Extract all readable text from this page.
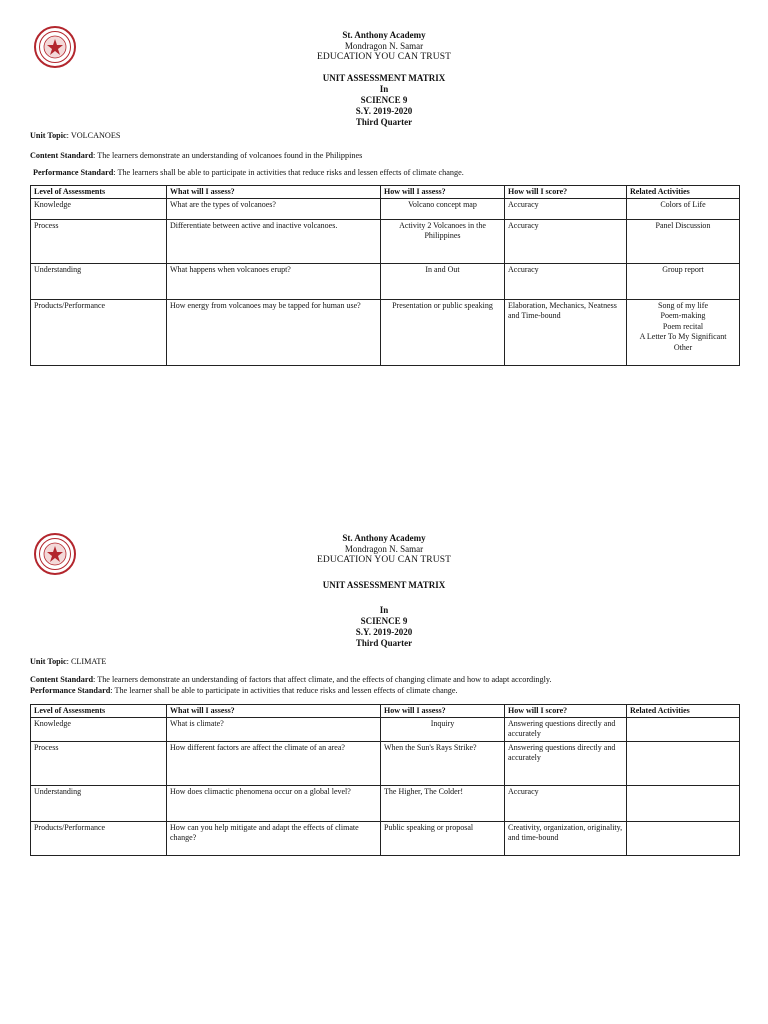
St. Anthony Academy
Mondragon N. Samar
EDUCATION YOU CAN TRUST
UNIT ASSESSMENT MATRIX
In
SCIENCE 9
S.Y. 2019-2020
Third Quarter
Unit Topic: VOLCANOES
Content Standard: The learners demonstrate an understanding of volcanoes found in the Philippines
Performance Standard: The learners shall be able to participate in activities that reduce risks and lessen effects of climate change.
Level of Assessments	What will I assess?	How will I assess?	How will I score?	Related Activities
Knowledge	What are the types of volcanoes?	Volcano concept map	Accuracy	Colors of Life

Process	Differentiate between active and inactive volcanoes.	Activity 2 Volcanoes in the Philippines	Accuracy	Panel Discussion

Understanding	What happens when volcanoes erupt?	In and Out	Accuracy	Group report

Products/Performance	How energy from volcanoes may be tapped for human use?	Presentation or public speaking	Elaboration, Mechanics, Neatness and Time-bound	Song of my life
Poem-making
Poem recital
A Letter To My Significant Other
St. Anthony Academy
Mondragon N. Samar
EDUCATION YOU CAN TRUST
UNIT ASSESSMENT MATRIX
In
SCIENCE 9
S.Y. 2019-2020
Third Quarter
Unit Topic: CLIMATE
Content Standard: The learners demonstrate an understanding of factors that affect climate, and the effects of changing climate and how to adapt accordingly.
Performance Standard: The learner shall be able to participate in activities that reduce risks and lessen effects of climate change.
Level of Assessments	What will I assess?	How will I assess?	How will I score?	Related Activities
Knowledge	What is climate?	Inquiry	Answering questions directly and accurately	
Process	How different factors are affect the climate of an area?	When the Sun's Rays Strike?	Answering questions directly and accurately	
Understanding	How does climactic phenomena occur on a global level?	The Higher, The Colder!	Accuracy	
Products/Performance	How can you help mitigate and adapt the effects of climate change?	Public speaking or proposal	Creativity, organization, originality, and time-bound	
